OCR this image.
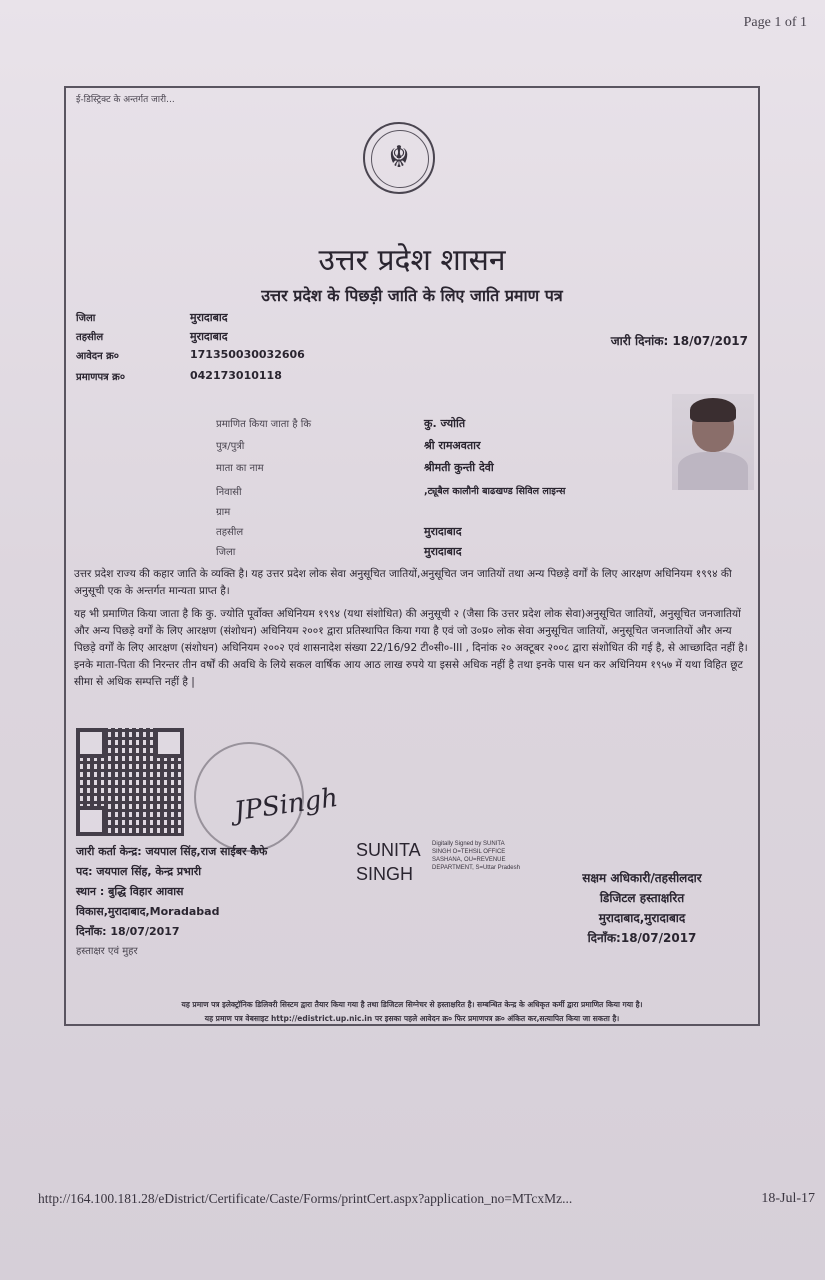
Page 1 of 1
ई-डिस्ट्रिक्ट के अन्तर्गत जारी...
☬
उत्तर प्रदेश शासन
उत्तर प्रदेश के पिछड़ी जाति के लिए जाति प्रमाण पत्र
जिला	मुरादाबाद
तहसील	मुरादाबाद
आवेदन क्र०	171350030032606
प्रमाणपत्र क्र०	042173010118
जारी दिनांक: 18/07/2017
प्रमाणित किया जाता है कि	कु. ज्योति
पुत्र/पुत्री	श्री रामअवतार
माता का नाम	श्रीमती कुन्ती देवी
निवासी	,ट्यूबैल कालौनी बाढखण्ड सिविल लाइन्स
ग्राम
तहसील	मुरादाबाद
जिला	मुरादाबाद
उत्तर प्रदेश राज्य की कहार जाति के व्यक्ति है। यह उत्तर प्रदेश लोक सेवा अनुसूचित जातियों,अनुसूचित जन जातियों तथा अन्य पिछड़े वर्गों के लिए आरक्षण अधिनियम १९९४ की अनुसूची एक के अन्तर्गत मान्यता प्राप्त है।
यह भी प्रमाणित किया जाता है कि कु. ज्योति पूर्वोक्त अधिनियम १९९४ (यथा संशोधित) की अनुसूची २ (जैसा कि उत्तर प्रदेश लोक सेवा)अनुसूचित जातियों, अनुसूचित जनजातियों और अन्य पिछड़े वर्गों के लिए आरक्षण (संशोधन) अधिनियम २००१ द्वारा प्रतिस्थापित किया गया है एवं जो उ०प्र० लोक सेवा अनुसूचित जातियों, अनुसूचित जनजातियों और अन्य पिछड़े वर्गों के लिए आरक्षण (संशोधन) अधिनियम २००२ एवं शासनादेश संख्या 22/16/92 टी०सी०-III , दिनांक २० अक्टूबर २००८ द्वारा संशोधित की गई है, से आच्छादित नहीं है।इनके माता-पिता की निरन्तर तीन वर्षों की अवधि के लिये सकल वार्षिक आय आठ लाख रुपये या इससे अधिक नहीं है तथा इनके पास धन कर अधिनियम १९५७ में यथा विहित छूट सीमा से अधिक सम्पत्ति नहीं है |
JPSingh
जारी कर्ता केन्द्र: जयपाल सिंह,राज साईबर कैफे
पद: जयपाल सिंह, केन्द्र प्रभारी
स्थान : बुद्धि विहार आवास
विकास,मुरादाबाद,Moradabad
दिनाँक: 18/07/2017
हस्ताक्षर एवं मुहर
SUNITA SINGH
Digitally Signed by SUNITA SINGH O=TEHSIL OFFICE SASHANA, OU=REVENUE DEPARTMENT, S=Uttar Pradesh
सक्षम अधिकारी/तहसीलदार
डिजिटल हस्ताक्षरित
मुरादाबाद,मुरादाबाद
दिनाँक:18/07/2017
यह प्रमाण पत्र इलेक्ट्रॉनिक डिलिवरी सिस्टम द्वारा तैयार किया गया है तथा डिजिटल सिग्नेचर से हस्ताक्षरित है। सम्बन्धित केन्द्र के अधिकृत कर्मी द्वारा प्रमाणित किया गया है।
यह प्रमाण पत्र वेबसाइट http://edistrict.up.nic.in पर इसका पहले आवेदन क्र० फिर प्रमाणपत्र क्र० अंकित कर,सत्यापित किया जा सकता है।
http://164.100.181.28/eDistrict/Certificate/Caste/Forms/printCert.aspx?application_no=MTcxMz...	18-Jul-17
